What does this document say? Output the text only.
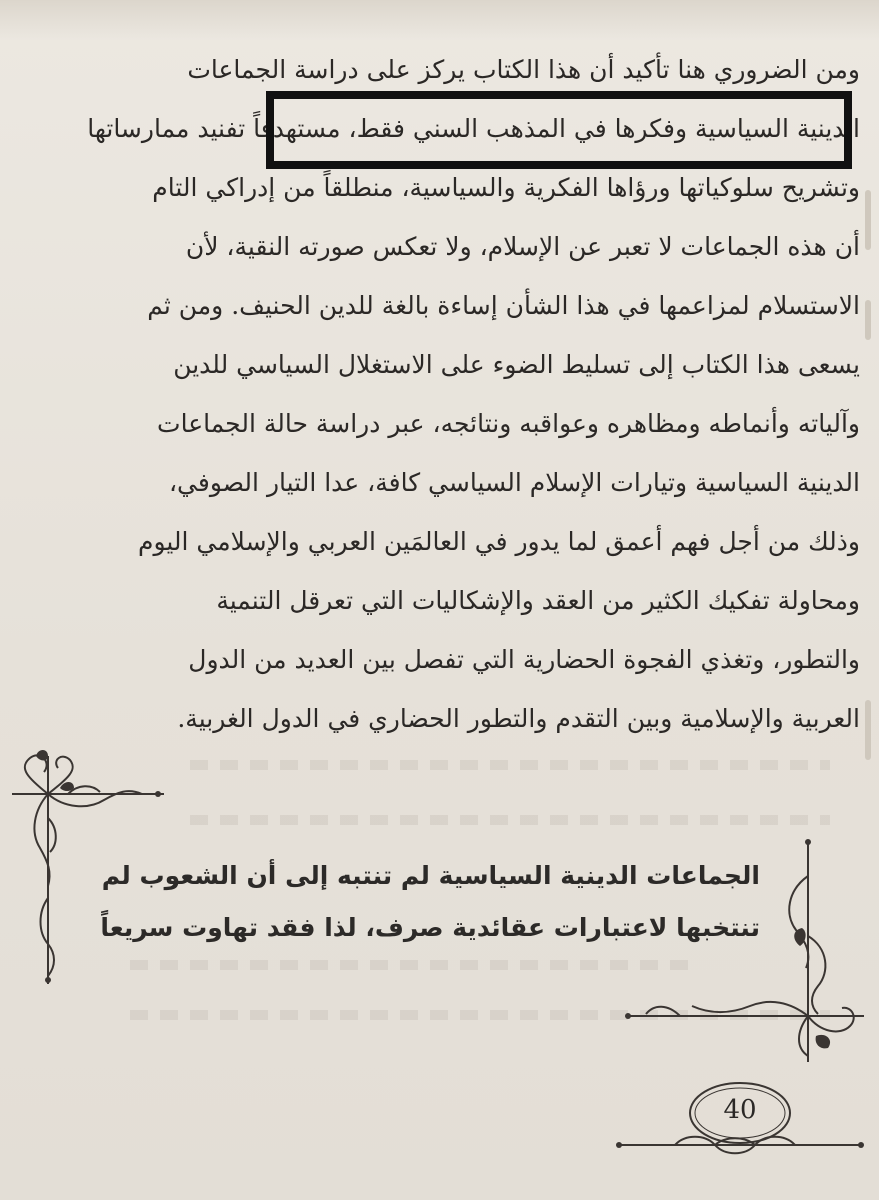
ومن الضروري هنا تأكيد أن هذا الكتاب يركز على دراسة الجماعات
الدينية السياسية وفكرها في المذهب السني فقط، مستهدفاً تفنيد ممارساتها
وتشريح سلوكياتها ورؤاها الفكرية والسياسية، منطلقاً من إدراكي التام
أن هذه الجماعات لا تعبر عن الإسلام، ولا تعكس صورته النقية، لأن
الاستسلام لمزاعمها في هذا الشأن إساءة بالغة للدين الحنيف. ومن ثم
يسعى هذا الكتاب إلى تسليط الضوء على الاستغلال السياسي للدين
وآلياته وأنماطه ومظاهره وعواقبه ونتائجه، عبر دراسة حالة الجماعات
الدينية السياسية وتيارات الإسلام السياسي كافة، عدا التيار الصوفي،
وذلك من أجل فهم أعمق لما يدور في العالمَين العربي والإسلامي اليوم
ومحاولة تفكيك الكثير من العقد والإشكاليات التي تعرقل التنمية
والتطور، وتغذي الفجوة الحضارية التي تفصل بين العديد من الدول
العربية والإسلامية وبين التقدم والتطور الحضاري في الدول الغربية.
الجماعات الدينية السياسية لم تنتبه إلى أن الشعوب لم
تنتخبها لاعتبارات عقائدية صرف، لذا فقد تهاوت سريعاً
40
